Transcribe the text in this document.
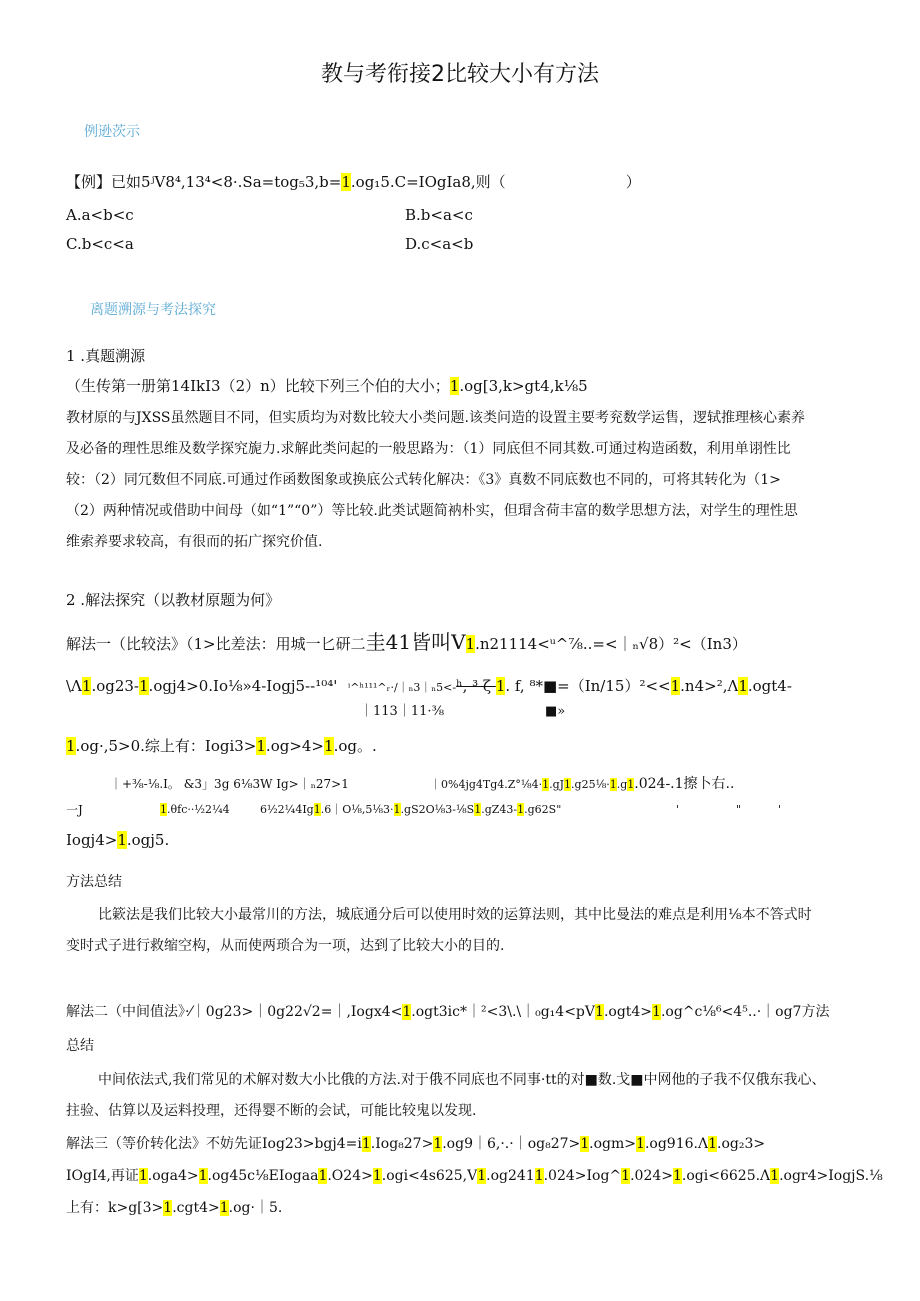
教与考衔接2比较大小有方法
例逊茨示
【例】已如5ʲV8⁴,13⁴<8·.Sa=tog₅3,b=1.og₁5.C=IOgIa8,则（	）
A.a<b<c	B.b<a<c
C.b<c<a	D.c<a<b
离题溯源与考法探究
1 .真题溯源
（生传第一册第14IkI3（2）n）比较下列三个伯的大小；1.og[3,k>gt4,k⅛5
教材原的与JXSS虽然题目不同，但实质均为对数比较大小类问题.该类问造的设置主要考兖数学运售，逻轼推理核心素养
及必备的理性思维及数学探究旎力.求解此类问起的一般思路为：（1）同底但不同其数.可通过构造函数，利用单诩性比
较：（2）同冗数但不同底.可通过作函数图象或换底公式转化解决：《3》真数不同底数也不同的，可将其转化为（1>
（2）两种情况或借助中间母（如“1”“0”）等比较.此类试题简衲朴实，但瑁含荷丰富的数学思想方法，对学生的理性思
维索养要求较高，有很而的拓广探究价值.
2 .解法探究（以教材原题为何》
解法一（比较法》（1>比差法：用城一匕研二圭41皆叫V1.n21114<ᵘ^⅞..=<｜ₙ√8）²<（In3）
\Λ1.og23-1.ogj4>0.Io⅛»4-Iogj5--¹⁰⁴' ⁱ^ʰ¹¹¹^ᵣ·/｜ₙ3｜ₙ5<-ʰ, ³ ζ 1. f, ⁸*■=（In/15）²<<1.n4>²,Λ1.ogt4-
｜113｜11·⅜	■»
1.og·,5>0.综上有：Iogi3>1.og>4>1.og。.
｜+⅜-⅛.I。 &3」3g 6⅛3W Ig>｜ₙ27>1	｜0%4jg4Tg4.Z°⅛4·1.gJ1.g25⅛·1.g1.024-.1擦卜右..
一J	1.θfc··½2¼4	6½2¼4Ig1.6｜O⅛,5⅛3·1.gS2O⅛3-⅛S1.gZ43-1.g62S"	'	"	'
Iogj4>1.ogj5.
方法总结
比簌法是我们比较大小最常川的方法，城底通分后可以使用时效的运算法则，其中比曼法的难点是利用⅛本不答式时
变时式子进行救缩空构，从而使两琐合为一项，达到了比较大小的目的.
解法二（中间值法》·⁄｜0g23>｜0g22√2=｜,Iogx4<1.ogt3ic*｜²<3\.\｜₀g₁4<pV1.ogt4>1.og^c⅛⁶<4⁵..·｜og7方法
总结
中间依法式,我们常见的术解对数大小比俄的方法.对于俄不同底也不同事·tt的对■数.戈■中网他的子我不仅俄东我心、
拄验、估算以及运料投理，还得婴不断的会试，可能比较鬼以发现.
解法三（等价转化法》不妨先证Iog23>bgj4=i1.Iog₈27>1.og9｜6,·.·｜og₈27>1.ogm>1.og916.Λ1.og₂3>
IOgI4,再证1.oga4>1.og45c⅛EIogaa1.O24>1.ogi<4s625,V1.og2411.024>Iog^1.024>1.ogi<6625.Λ1.ogr4>IogjS.⅛
上有：k>g[3>1.cgt4>1.og·｜5.
